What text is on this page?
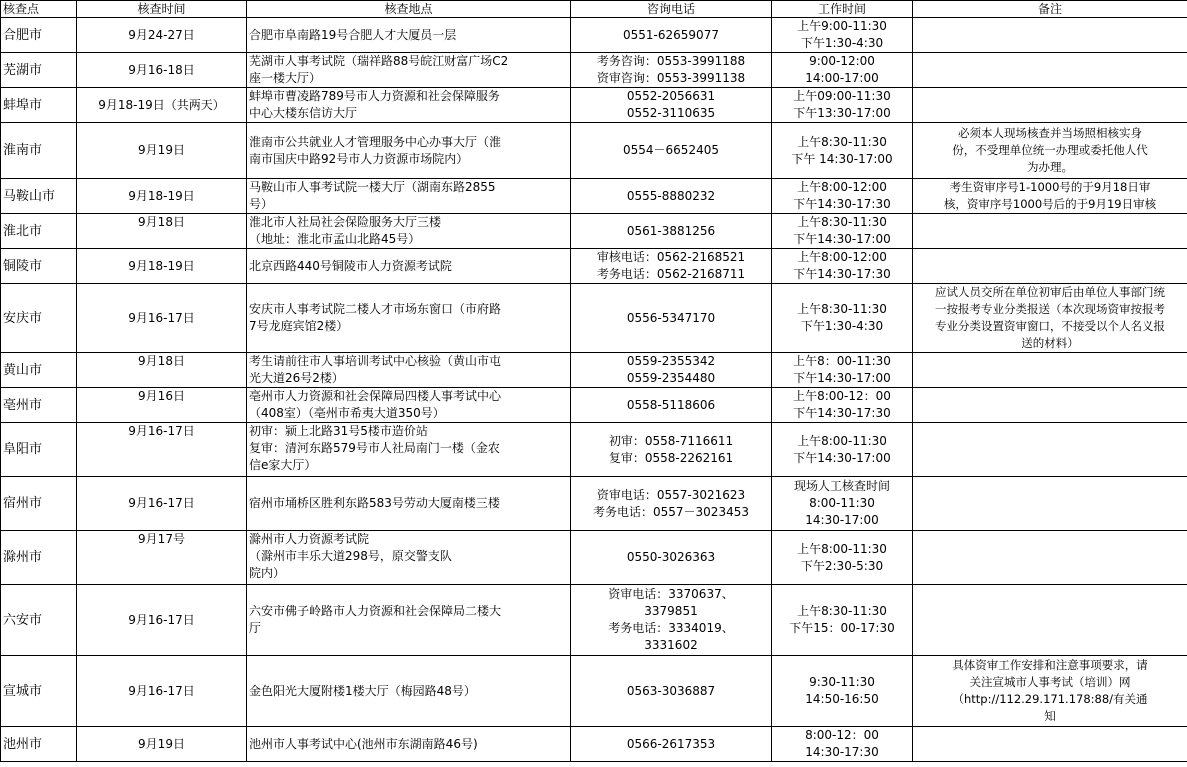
核查点	核查时间	核查地点	咨询电话	工作时间	备注
合肥市	9月24-27日	合肥市阜南路19号合肥人才大厦员一层	0551-62659077	上午9:00-11:30
下午1:30-4:30	

芜湖市	9月16-18日	芜湖市人事考试院（瑞祥路88号皖江财富广场C2
座一楼大厅）	考务咨询：0553-3991188
资审咨询：0553-3991138	9:00-12:00
14:00-17:00	

蚌埠市	9月18-19日（共两天）	蚌埠市曹凌路789号市人力资源和社会保障服务
中心大楼东信访大厅	0552-2056631
0552-3110635	上午09:00-11:30
下午13:30-17:00	

淮南市	9月19日	淮南市公共就业人才管理服务中心办事大厅（淮
南市国庆中路92号市人力资源市场院内）	0554－6652405	上午8:30-11:30
下午 14:30-17:00	必须本人现场核查并当场照相核实身
份，不受理单位统一办理或委托他人代
为办理。

马鞍山市	9月18-19日	马鞍山市人事考试院一楼大厅（湖南东路2855
号）	0555-8880232	上午8:00-12:00
下午14:30-17:30	考生资审序号1-1000号的于9月18日审
核，资审序号1000号后的于9月19日审核

淮北市	9月18日	淮北市人社局社会保险服务大厅三楼
（地址：淮北市孟山北路45号）	0561-3881256	上午8:30-11:30
下午14:30-17:00	

铜陵市	9月18-19日	北京西路440号铜陵市人力资源考试院	审核电话：0562-2168521
考务电话：0562-2168711	上午8:00-12:00
下午14:30-17:30	

安庆市	9月16-17日	安庆市人事考试院二楼人才市场东窗口（市府路
7号龙庭宾馆2楼）	0556-5347170	上午8:30-11:30
下午1:30-4:30	应试人员交所在单位初审后由单位人事部门统
一按报考专业分类报送（本次现场资审按报考
专业分类设置资审窗口，不接受以个人名义报
送的材料）

黄山市	9月18日	考生请前往市人事培训考试中心核验（黄山市屯
光大道26号2楼）	0559-2355342
0559-2354480	上午8：00-11:30
下午14:30-17:00	

亳州市	9月16日	亳州市人力资源和社会保障局四楼人事考试中心
（408室）（亳州市希夷大道350号）	0558-5118606	上午8:00-12：00
下午14:30-17:30	

阜阳市	9月16-17日	初审：颍上北路31号5楼市造价站
复审：清河东路579号市人社局南门一楼（金农
信e家大厅）	初审：0558-7116611
复审：0558-2262161	上午8:00-11:30
下午14:30-17:00	

宿州市	9月16-17日	宿州市埇桥区胜利东路583号劳动大厦南楼三楼	资审电话：0557-3021623
考务电话：0557－3023453	现场人工核查时间
8:00-11:30
14:30-17:00	

滁州市	9月17号	滁州市人力资源考试院
（滁州市丰乐大道298号，原交警支队
院内）	0550-3026363	上午8:00-11:30
下午2:30-5:30	

六安市	9月16-17日	六安市佛子岭路市人力资源和社会保障局二楼大
厅	资审电话：3370637、
3379851
考务电话：3334019、
3331602	上午8:30-11:30
下午15：00-17:30	

宣城市	9月16-17日	金色阳光大厦附楼1楼大厅（梅园路48号）	0563-3036887	9:30-11:30
14:50-16:50	具体资审工作安排和注意事项要求，请
关注宣城市人事考试（培训）网
（http://112.29.171.178:88/有关通
知

池州市	9月19日	池州市人事考试中心(池州市东湖南路46号)	0566-2617353	8:00-12：00
14:30-17:30	
